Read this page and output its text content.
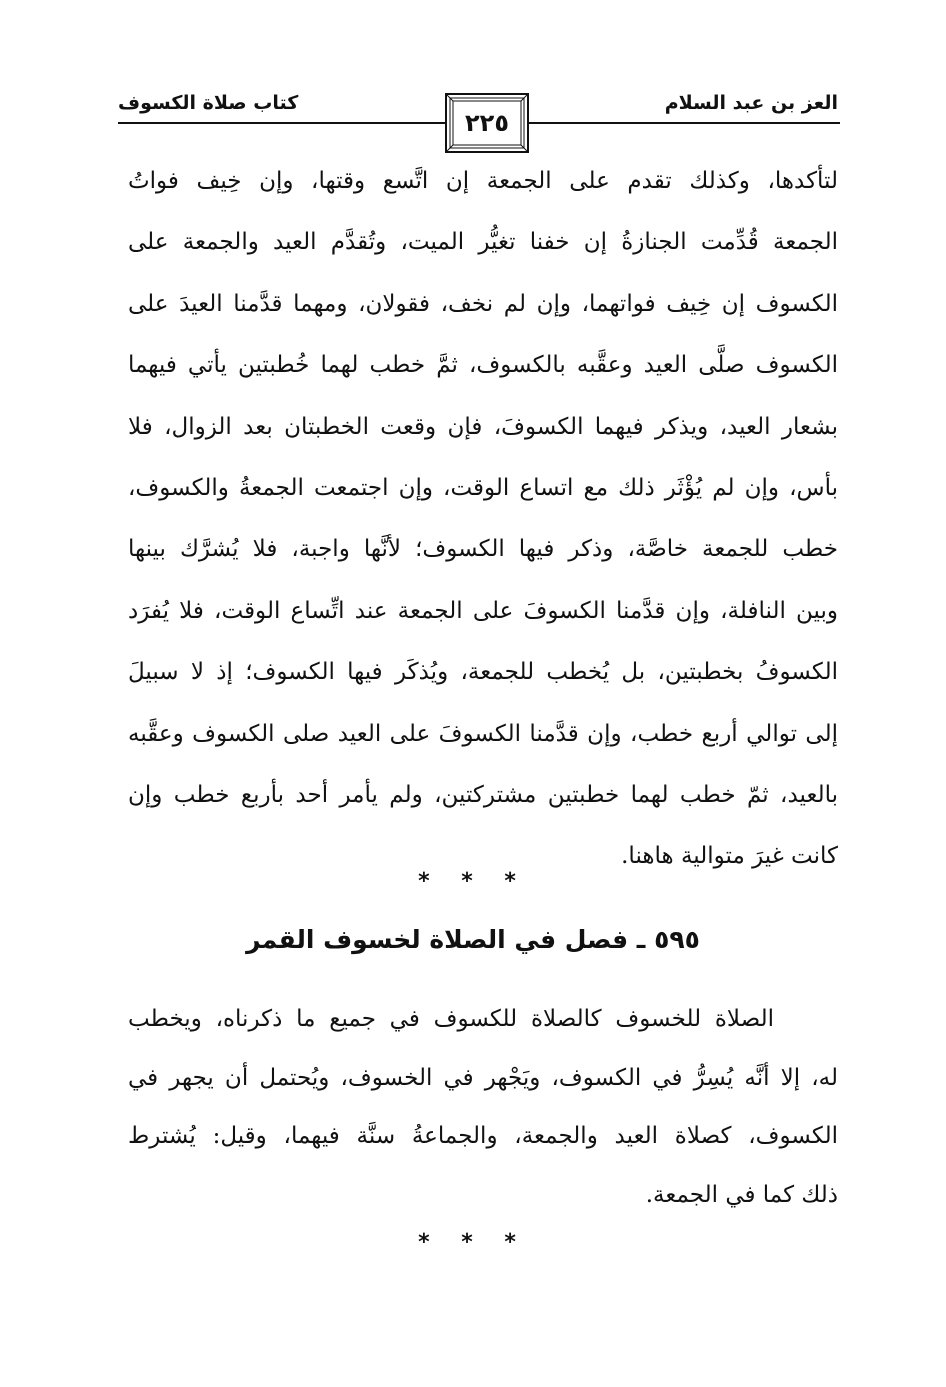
العز بن عبد السلام
كتاب صلاة الكسوف
٢٢٥
لتأكدها، وكذلك تقدم على الجمعة إن اتَّسع وقتها، وإن خِيف فواتُ
الجمعة قُدِّمت الجنازةُ إن خفنا تغيُّر الميت، وتُقدَّم العيد والجمعة على
الكسوف إن خِيف فواتهما، وإن لم نخف، فقولان، ومهما قدَّمنا العيدَ على
الكسوف صلَّى العيد وعقَّبه بالكسوف، ثمَّ خطب لهما خُطبتين يأتي فيهما
بشعار العيد، ويذكر فيهما الكسوفَ، فإن وقعت الخطبتان بعد الزوال، فلا
بأس، وإن لم يُؤْثَر ذلك مع اتساع الوقت، وإن اجتمعت الجمعةُ والكسوف،
خطب للجمعة خاصَّة، وذكر فيها الكسوف؛ لأنَّها واجبة، فلا يُشرَّك بينها
وبين النافلة، وإن قدَّمنا الكسوفَ على الجمعة عند اتِّساع الوقت، فلا يُفرَد
الكسوفُ بخطبتين، بل يُخطب للجمعة، ويُذكَر فيها الكسوف؛ إذ لا سبيلَ
إلى توالي أربع خطب، وإن قدَّمنا الكسوفَ على العيد صلى الكسوف وعقَّبه
بالعيد، ثمّ خطب لهما خطبتين مشتركتين، ولم يأمر أحد بأربع خطب وإن
كانت غيرَ متوالية هاهنا.
* * *
٥٩٥ ـ فصل في الصلاة لخسوف القمر
الصلاة للخسوف كالصلاة للكسوف في جميع ما ذكرناه، ويخطب
له، إلا أنَّه يُسِرُّ في الكسوف، ويَجْهر في الخسوف، ويُحتمل أن يجهر في
الكسوف، كصلاة العيد والجمعة، والجماعةُ سنَّة فيهما، وقيل: يُشترط
ذلك كما في الجمعة.
* * *
